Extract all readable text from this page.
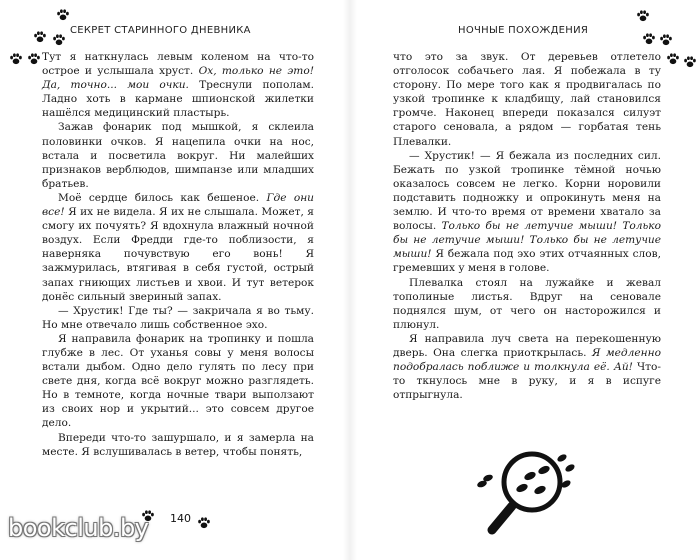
СЕКРЕТ СТАРИННОГО ДНЕВНИКА

Тут я наткнулась левым коленом на что-то острое и услышала хруст. Ох, только не это! Да, точно... мои очки. Треснули пополам. Ладно хоть в кармане шпионской жилетки нашёлся медицинский пластырь.

Зажав фонарик под мышкой, я склеила половинки очков. Я нацепила очки на нос, встала и посветила вокруг. Ни малейших признаков верблюдов, шимпанзе или младших братьев.

Моё сердце билось как бешеное. Где они все! Я их не видела. Я их не слышала. Может, я смогу их почуять? Я вдохнула влажный ночной воздух. Если Фредди где-то поблизости, я наверняка почувствую его вонь! Я зажмурилась, втягивая в себя густой, острый запах гниющих листьев и хвои. И тут ветерок донёс сильный звериный запах.

— Хрустик! Где ты? — закричала я во тьму. Но мне отвечало лишь собственное эхо.

Я направила фонарик на тропинку и пошла глубже в лес. От уханья совы у меня волосы встали дыбом. Одно дело гулять по лесу при свете дня, когда всё вокруг можно разглядеть. Но в темноте, когда ночные твари выползают из своих нор и укрытий... это совсем другое дело.

Впереди что-то зашуршало, и я замерла на месте. Я вслушивалась в ветер, чтобы понять,

140
НОЧНЫЕ ПОХОЖДЕНИЯ

что это за звук. От деревьев отлетело отголосок собачьего лая. Я побежала в ту сторону. По мере того как я продвигалась по узкой тропинке к кладбищу, лай становился громче. Наконец впереди показался силуэт старого сеновала, а рядом — горбатая тень Плевалки.

— Хрустик! — Я бежала из последних сил. Бежать по узкой тропинке тёмной ночью оказалось совсем не легко. Корни норовили подставить подножку и опрокинуть меня на землю. И что-то время от времени хватало за волосы. Только бы не летучие мыши! Только бы не летучие мыши! Только бы не летучие мыши! Я бежала под эхо этих отчаянных слов, гремевших у меня в голове.

Плевалка стоял на лужайке и жевал тополиные листья. Вдруг на сеновале поднялся шум, от чего он насторожился и плюнул.

Я направила луч света на перекошенную дверь. Она слегка приоткрылась. Я медленно подобралась поближе и толкнула её. Ай! Что-то ткнулось мне в руку, и я в испуге отпрыгнула.

bookclub.by
